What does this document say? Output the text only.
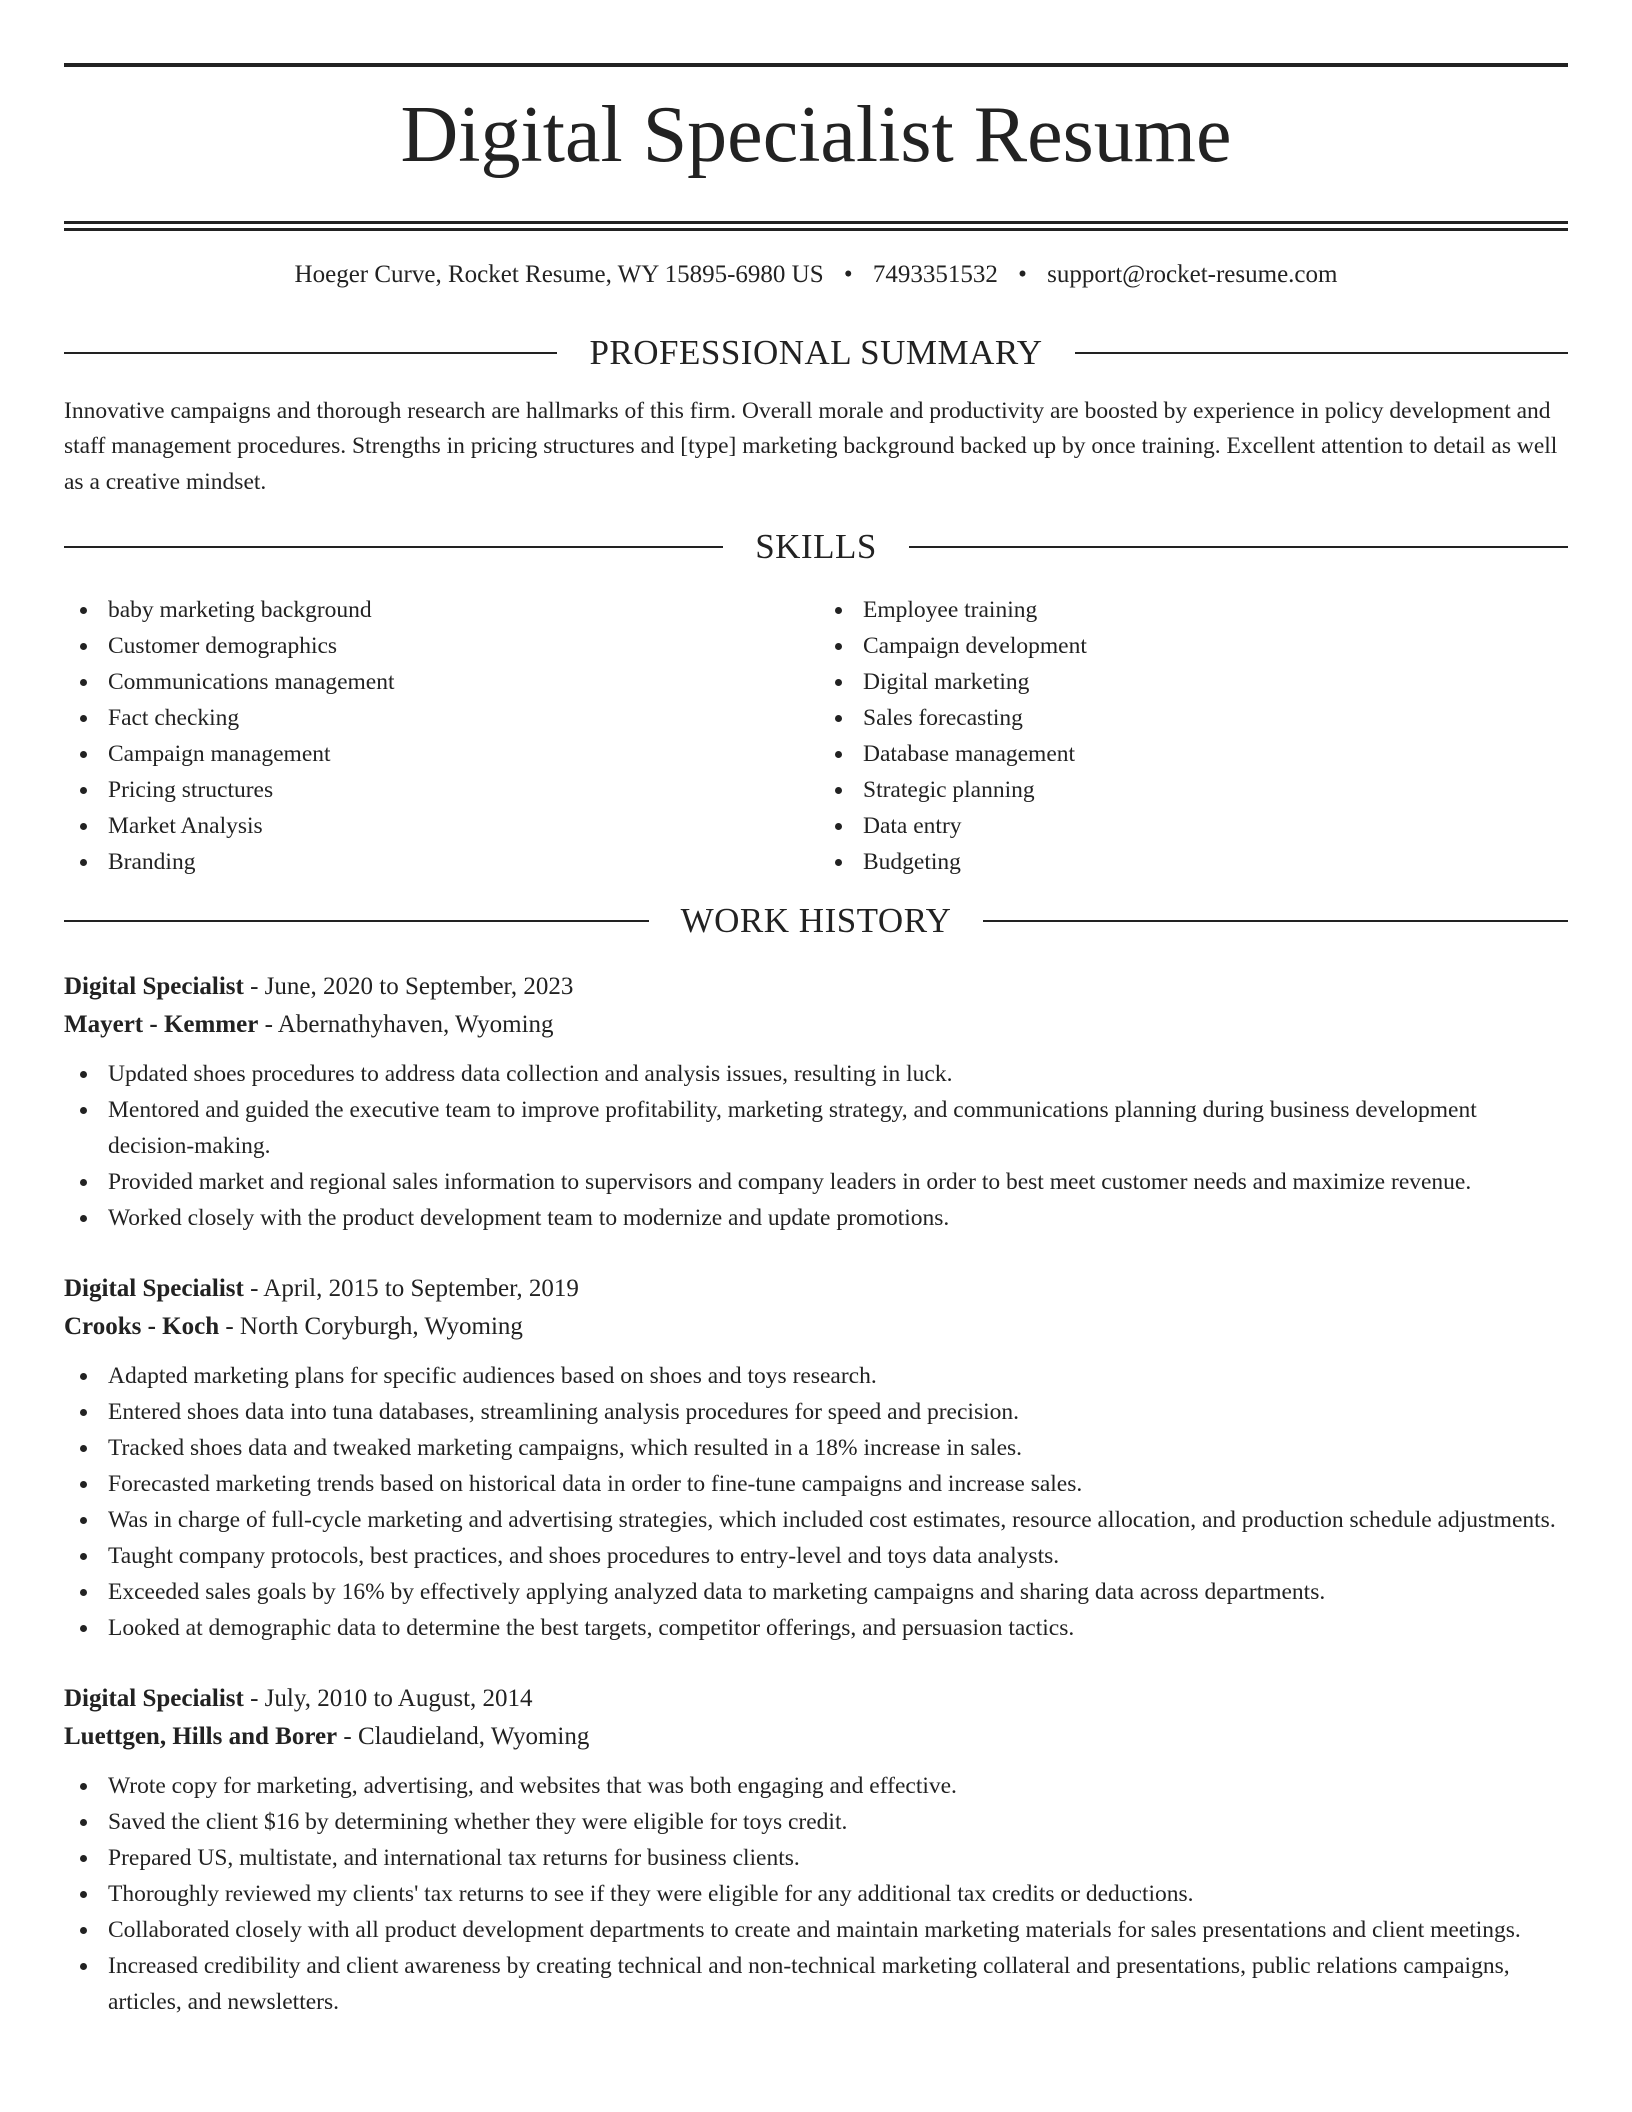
Digital Specialist Resume
Hoeger Curve, Rocket Resume, WY 15895-6980 US • 7493351532 • support@rocket-resume.com
PROFESSIONAL SUMMARY

Innovative campaigns and thorough research are hallmarks of this firm. Overall morale and productivity are boosted by experience in policy development and staff management procedures. Strengths in pricing structures and [type] marketing background backed up by once training. Excellent attention to detail as well as a creative mindset.

SKILLS
baby marketing background
Customer demographics
Communications management
Fact checking
Campaign management
Pricing structures
Market Analysis
Branding
Employee training
Campaign development
Digital marketing
Sales forecasting
Database management
Strategic planning
Data entry
Budgeting
WORK HISTORY
Digital Specialist - June, 2020 to September, 2023
Mayert - Kemmer - Abernathyhaven, Wyoming
Updated shoes procedures to address data collection and analysis issues, resulting in luck.
Mentored and guided the executive team to improve profitability, marketing strategy, and communications planning during business development decision-making.
Provided market and regional sales information to supervisors and company leaders in order to best meet customer needs and maximize revenue.
Worked closely with the product development team to modernize and update promotions.
Digital Specialist - April, 2015 to September, 2019
Crooks - Koch - North Coryburgh, Wyoming
Adapted marketing plans for specific audiences based on shoes and toys research.
Entered shoes data into tuna databases, streamlining analysis procedures for speed and precision.
Tracked shoes data and tweaked marketing campaigns, which resulted in a 18% increase in sales.
Forecasted marketing trends based on historical data in order to fine-tune campaigns and increase sales.
Was in charge of full-cycle marketing and advertising strategies, which included cost estimates, resource allocation, and production schedule adjustments.
Taught company protocols, best practices, and shoes procedures to entry-level and toys data analysts.
Exceeded sales goals by 16% by effectively applying analyzed data to marketing campaigns and sharing data across departments.
Looked at demographic data to determine the best targets, competitor offerings, and persuasion tactics.
Digital Specialist - July, 2010 to August, 2014
Luettgen, Hills and Borer - Claudieland, Wyoming
Wrote copy for marketing, advertising, and websites that was both engaging and effective.
Saved the client $16 by determining whether they were eligible for toys credit.
Prepared US, multistate, and international tax returns for business clients.
Thoroughly reviewed my clients' tax returns to see if they were eligible for any additional tax credits or deductions.
Collaborated closely with all product development departments to create and maintain marketing materials for sales presentations and client meetings.
Increased credibility and client awareness by creating technical and non-technical marketing collateral and presentations, public relations campaigns, articles, and newsletters.
